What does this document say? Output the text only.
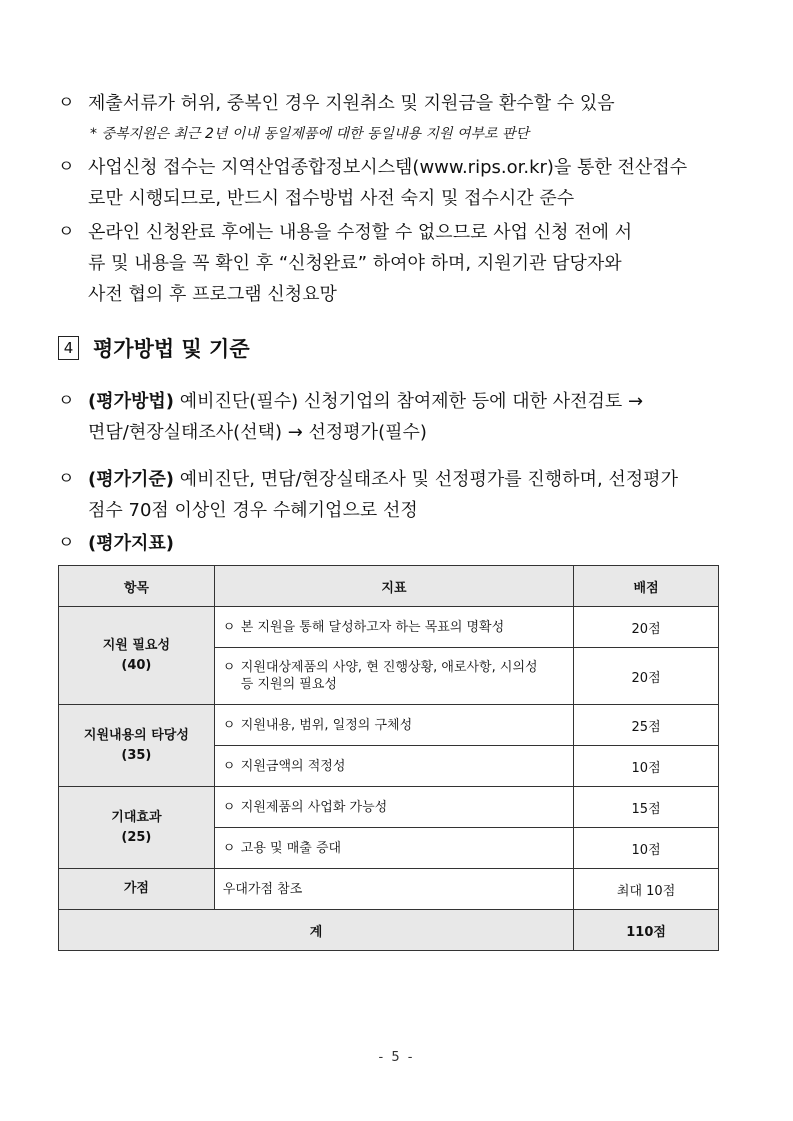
ㅇ 제출서류가 허위, 중복인 경우 지원취소 및 지원금을 환수할 수 있음
* 중복지원은 최근 2년 이내 동일제품에 대한 동일내용 지원 여부로 판단
ㅇ 사업신청 접수는 지역산업종합정보시스템(www.rips.or.kr)을 통한 전산접수
로만 시행되므로, 반드시 접수방법 사전 숙지 및 접수시간 준수
ㅇ 온라인 신청완료 후에는 내용을 수정할 수 없으므로 사업 신청 전에 서
류 및 내용을 꼭 확인 후 “신청완료” 하여야 하며, 지원기관 담당자와
사전 협의 후 프로그램 신청요망
4 평가방법 및 기준
ㅇ (평가방법) 예비진단(필수) 신청기업의 참여제한 등에 대한 사전검토 →
면담/현장실태조사(선택) → 선정평가(필수)
ㅇ (평가기준) 예비진단, 면담/현장실태조사 및 선정평가를 진행하며, 선정평가
점수 70점 이상인 경우 수혜기업으로 선정
ㅇ (평가지표)
항목	지표	배점

지원 필요성
(40)	ㅇ 본 지원을 통해 달성하고자 하는 목표의 명확성	20점

	ㅇ 지원대상제품의 사양, 현 진행상황, 애로사항, 시의성
등 지원의 필요성	20점

지원내용의 타당성
(35)	ㅇ 지원내용, 범위, 일정의 구체성	25점
	ㅇ 지원금액의 적정성	10점

기대효과
(25)	ㅇ 지원제품의 사업화 가능성	15점
	ㅇ 고용 및 매출 증대	10점
가점	우대가점 참조	최대 10점
계		110점
- 5 -
